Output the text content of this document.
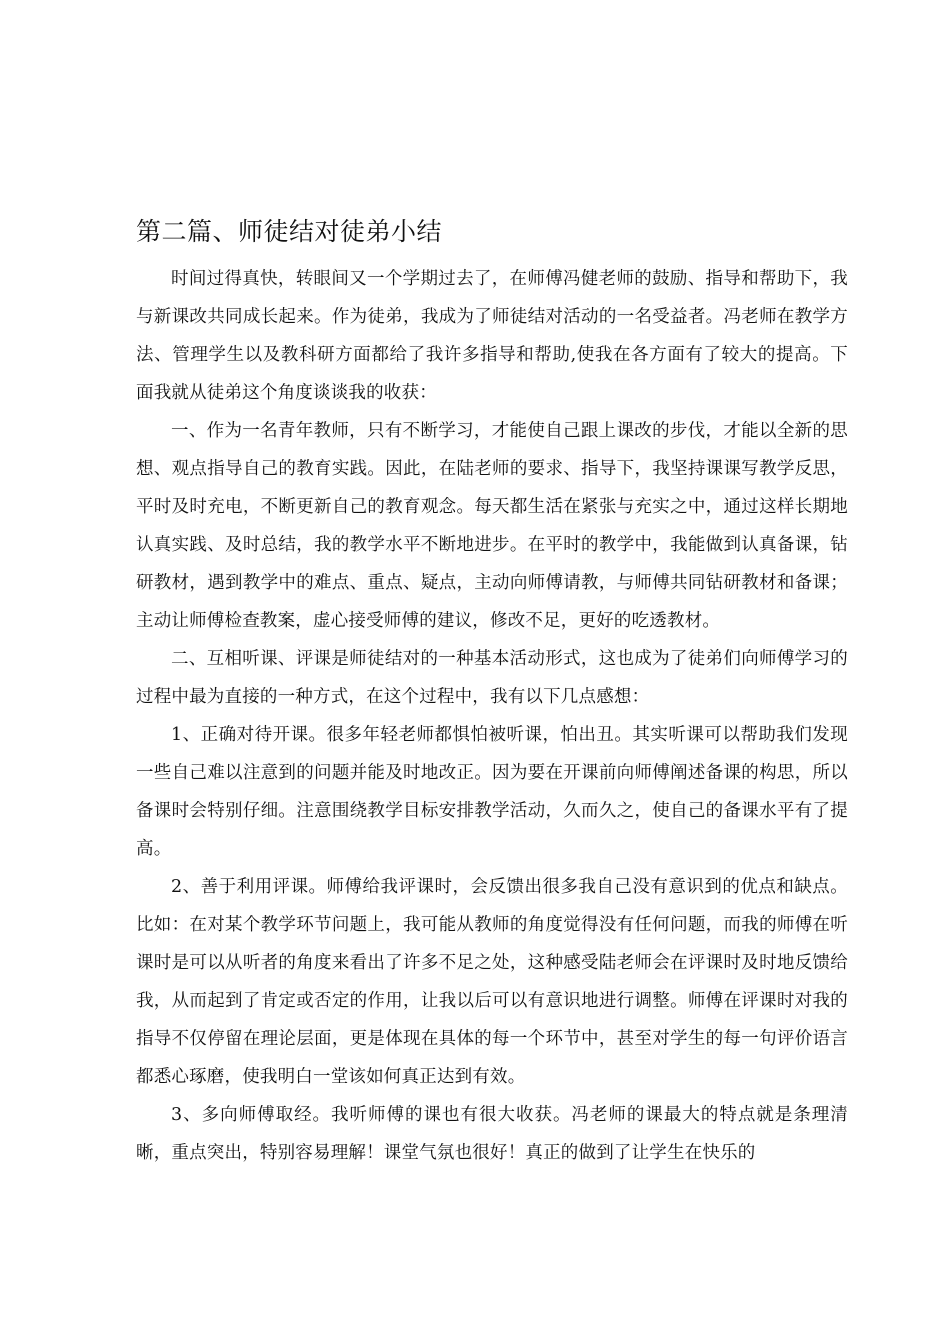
第二篇、师徒结对徒弟小结

时间过得真快，转眼间又一个学期过去了，在师傅冯健老师的鼓励、指导和帮助下，我与新课改共同成长起来。作为徒弟，我成为了师徒结对活动的一名受益者。冯老师在教学方法、管理学生以及教科研方面都给了我许多指导和帮助,使我在各方面有了较大的提高。下面我就从徒弟这个角度谈谈我的收获：

一、作为一名青年教师，只有不断学习，才能使自己跟上课改的步伐，才能以全新的思想、观点指导自己的教育实践。因此，在陆老师的要求、指导下，我坚持课课写教学反思，平时及时充电，不断更新自己的教育观念。每天都生活在紧张与充实之中，通过这样长期地认真实践、及时总结，我的教学水平不断地进步。在平时的教学中，我能做到认真备课，钻研教材，遇到教学中的难点、重点、疑点，主动向师傅请教，与师傅共同钻研教材和备课；主动让师傅检查教案，虚心接受师傅的建议，修改不足，更好的吃透教材。

二、互相听课、评课是师徒结对的一种基本活动形式，这也成为了徒弟们向师傅学习的过程中最为直接的一种方式，在这个过程中，我有以下几点感想：

1、正确对待开课。很多年轻老师都惧怕被听课，怕出丑。其实听课可以帮助我们发现一些自己难以注意到的问题并能及时地改正。因为要在开课前向师傅阐述备课的构思，所以备课时会特别仔细。注意围绕教学目标安排教学活动，久而久之，使自己的备课水平有了提高。

2、善于利用评课。师傅给我评课时，会反馈出很多我自己没有意识到的优点和缺点。比如：在对某个教学环节问题上，我可能从教师的角度觉得没有任何问题，而我的师傅在听课时是可以从听者的角度来看出了许多不足之处，这种感受陆老师会在评课时及时地反馈给我，从而起到了肯定或否定的作用，让我以后可以有意识地进行调整。师傅在评课时对我的指导不仅停留在理论层面，更是体现在具体的每一个环节中，甚至对学生的每一句评价语言都悉心琢磨，使我明白一堂该如何真正达到有效。

3、多向师傅取经。我听师傅的课也有很大收获。冯老师的课最大的特点就是条理清晰，重点突出，特别容易理解！课堂气氛也很好！真正的做到了让学生在快乐的
